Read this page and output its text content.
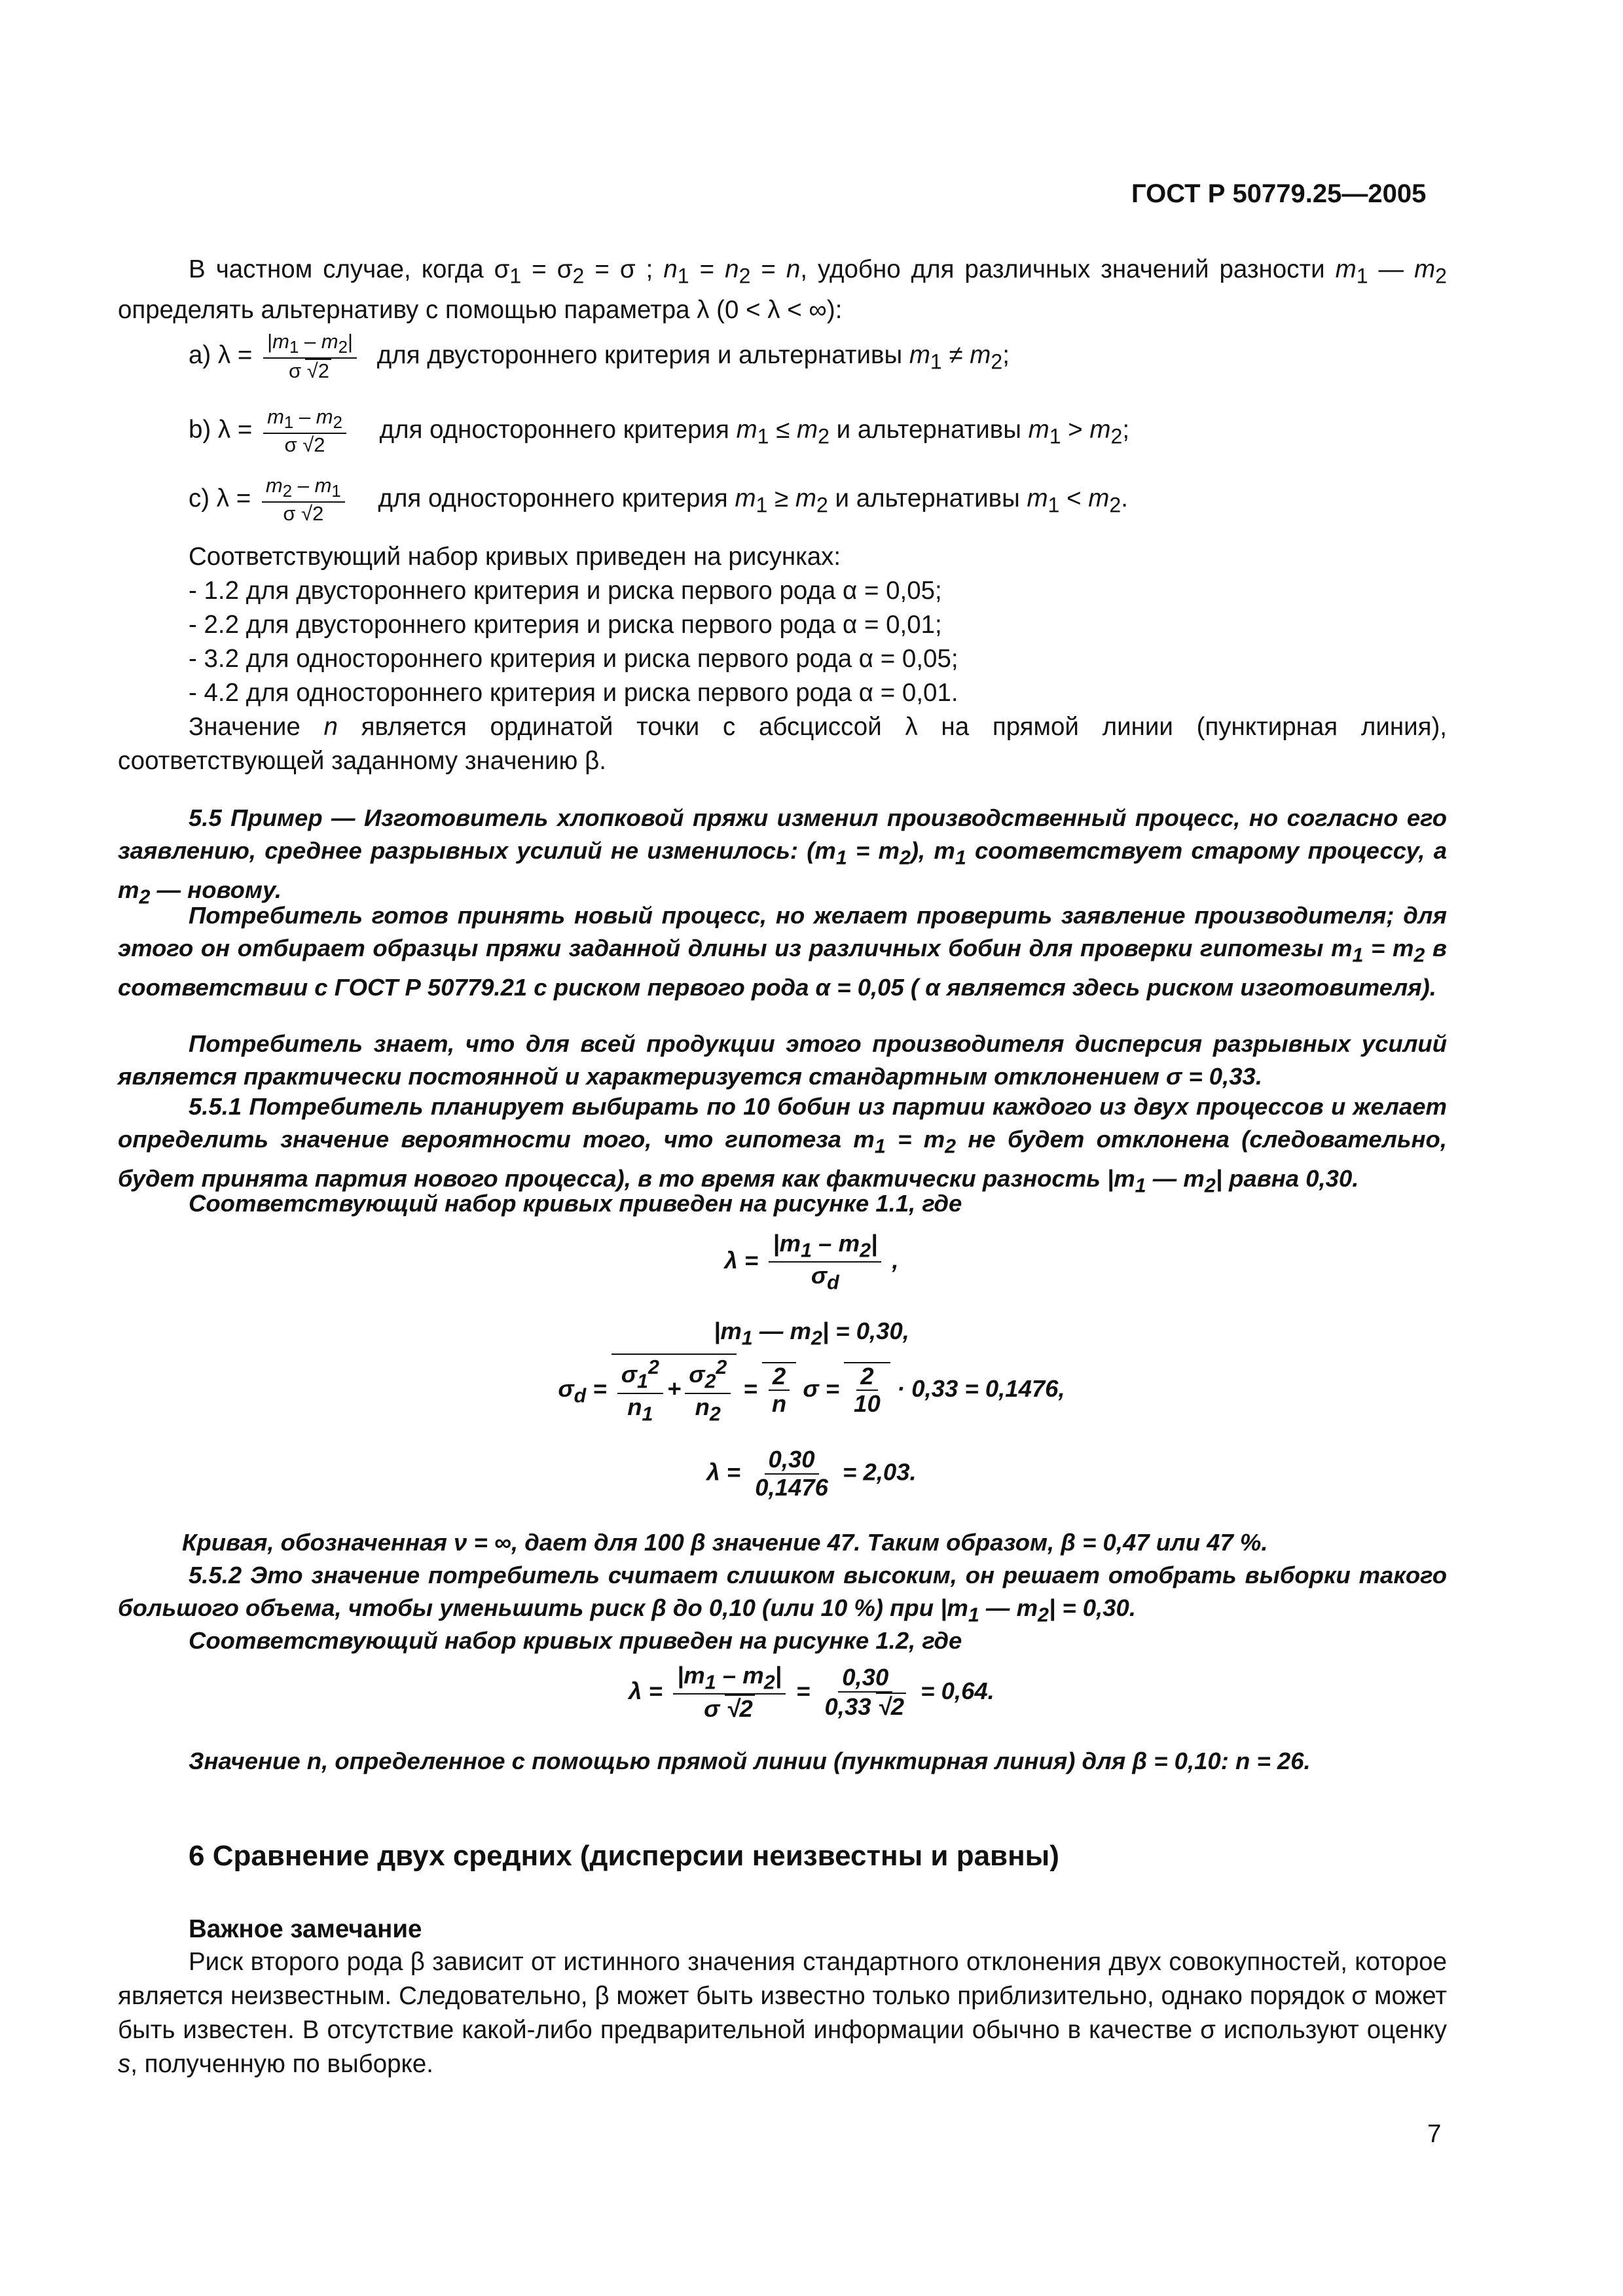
ГОСТ Р 50779.25—2005
В частном случае, когда $\sigma_1 = \sigma_2 = \sigma$ ; $n_1 = n_2 = n$, удобно для различных значений разности $m_1$ — $m_2$ определять альтернативу с помощью параметра λ (0 < λ < ∞):
a) $\lambda = \frac{|m_1 - m_2|}{\sigma √2}$ для двустороннего критерия и альтернативы $m_1 \ne m_2$;
b) $\lambda = \frac{m_1 - m_2}{\sigma √2}$ для одностороннего критерия $m_1 \le m_2$ и альтернативы $m_1 > m_2$;
c) $\lambda = \frac{m_2 - m_1}{\sigma √2}$ для одностороннего критерия $m_1 \ge m_2$ и альтернативы $m_1 < m_2$.
Соответствующий набор кривых приведен на рисунках:
- 1.2 для двустороннего критерия и риска первого рода α = 0,05;
- 2.2 для двустороннего критерия и риска первого рода α = 0,01;
- 3.2 для одностороннего критерия и риска первого рода α = 0,05;
- 4.2 для одностороннего критерия и риска первого рода α = 0,01.
Значение n является ординатой точки с абсциссой λ на прямой линии (пунктирная линия), соответствующей заданному значению β.
5.5 Пример — Изготовитель хлопковой пряжи изменил производственный процесс, но согласно его заявлению, среднее разрывных усилий не изменилось: $(m_1 = m_2)$, $m_1$ соответствует старому процессу, а $m_2$ — новому.
Потребитель готов принять новый процесс, но желает проверить заявление производителя; для этого он отбирает образцы пряжи заданной длины из различных бобин для проверки гипотезы $m_1 = m_2$ в соответствии с ГОСТ Р 50779.21 с риском первого рода α = 0,05 ( α является здесь риском изготовителя).
Потребитель знает, что для всей продукции этого производителя дисперсия разрывных усилий является практически постоянной и характеризуется стандартным отклонением σ = 0,33.
5.5.1 Потребитель планирует выбирать по 10 бобин из партии каждого из двух процессов и желает определить значение вероятности того, что гипотеза $m_1 = m_2$ не будет отклонена (следовательно, будет принята партия нового процесса), в то время как фактически разность $|m_1$ — $m_2|$ равна 0,30.
Соответствующий набор кривых приведен на рисунке 1.1, где
$\lambda = \frac{|m_1 - m_2|}{\sigma_d}$ ,
$|m_1$ — $m_2| = 0,30$,
$\sigma_d = \frac{\sigma_1^2}{n_1} + \frac{\sigma_2^2}{n_2} = \frac{2}{n}$ $\sigma = \frac{2}{10} \cdot 0,33 = 0,1476$,
$\lambda = \frac{0,30}{0,1476} = 2,03$.
Кривая, обозначенная ν = ∞, дает для 100 β значение 47. Таким образом, β = 0,47 или 47 %.
5.5.2 Это значение потребитель считает слишком высоким, он решает отобрать выборки такого большого объема, чтобы уменьшить риск β до 0,10 (или 10 %) при $|m_1$ — $m_2| = 0,30$.
Соответствующий набор кривых приведен на рисунке 1.2, где
$\lambda = \frac{|m_1 - m_2|}{\sigma √2} = \frac{0,30}{0,33 √2} = 0,64$.
Значение n, определенное с помощью прямой линии (пунктирная линия) для β = 0,10: n = 26.
6 Сравнение двух средних (дисперсии неизвестны и равны)
Важное замечание
Риск второго рода β зависит от истинного значения стандартного отклонения двух совокупностей, которое является неизвестным. Следовательно, β может быть известно только приблизительно, однако порядок σ может быть известен. В отсутствие какой-либо предварительной информации обычно в качестве σ используют оценку s, полученную по выборке.
7
